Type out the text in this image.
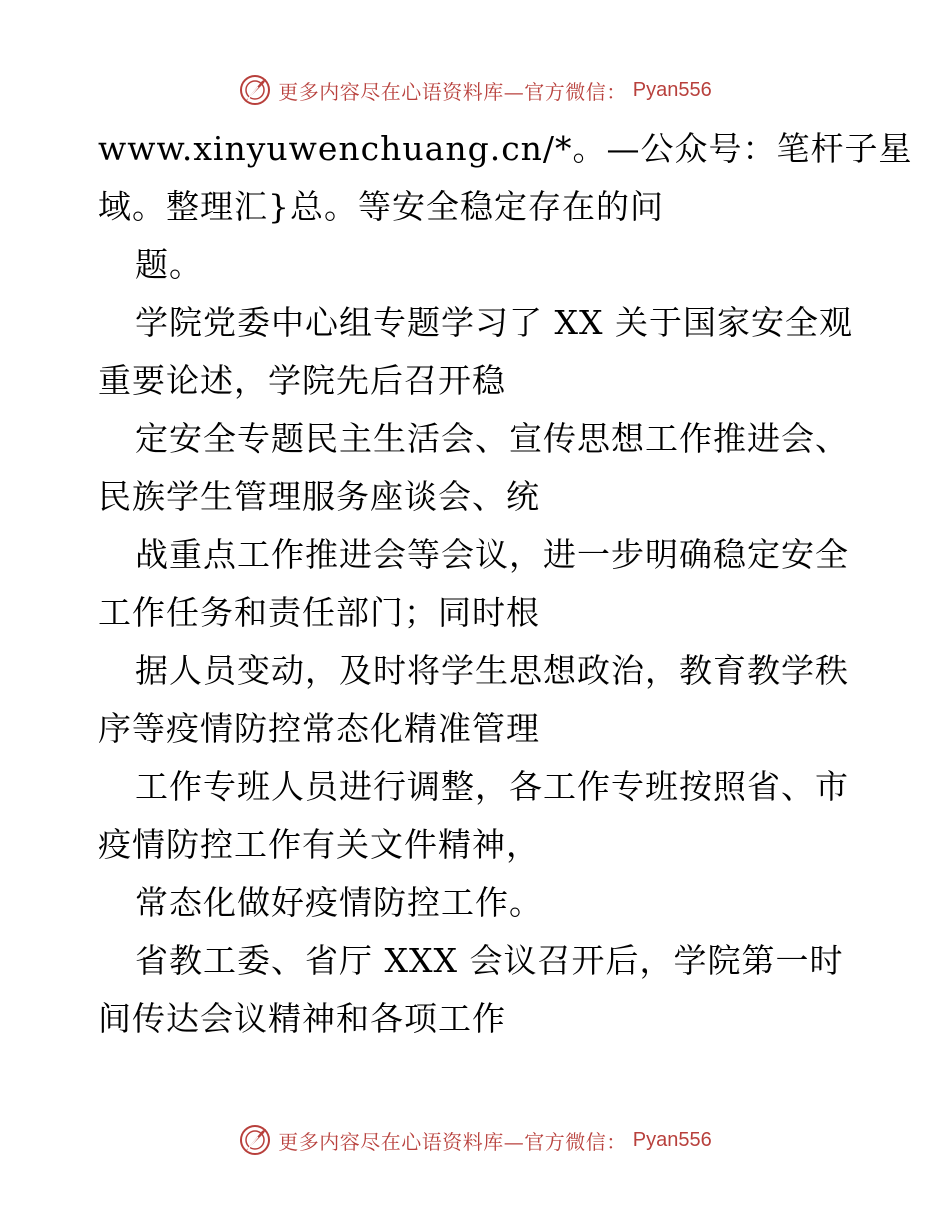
更多内容尽在心语资料库—官方微信： Pyan556
www.xinyuwenchuang.cn/*。—公众号：笔杆子星
域。整理汇}总。等安全稳定存在的问
题。
学院党委中心组专题学习了 XX 关于国家安全观
重要论述，学院先后召开稳
定安全专题民主生活会、宣传思想工作推进会、
民族学生管理服务座谈会、统
战重点工作推进会等会议，进一步明确稳定安全
工作任务和责任部门；同时根
据人员变动，及时将学生思想政治，教育教学秩
序等疫情防控常态化精准管理
工作专班人员进行调整，各工作专班按照省、市
疫情防控工作有关文件精神，
常态化做好疫情防控工作。
省教工委、省厅 XXX 会议召开后，学院第一时
间传达会议精神和各项工作
更多内容尽在心语资料库—官方微信： Pyan556
